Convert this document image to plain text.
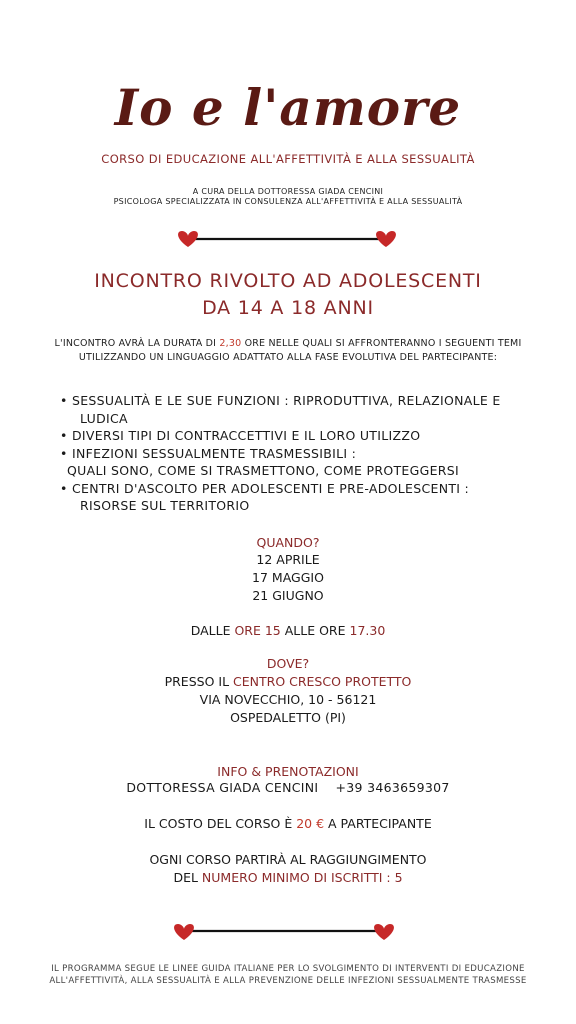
Io e l'amore
CORSO DI EDUCAZIONE ALL'AFFETTIVITÀ E ALLA SESSUALITÀ
A CURA DELLA DOTTORESSA GIADA CENCINI
PSICOLOGA SPECIALIZZATA IN CONSULENZA ALL'AFFETTIVITÀ E ALLA SESSUALITÀ
INCONTRO RIVOLTO AD ADOLESCENTI
DA 14 A 18 ANNI
L'INCONTRO AVRÀ LA DURATA DI 2,30 ORE NELLE QUALI SI AFFRONTERANNO I SEGUENTI TEMI
UTILIZZANDO UN LINGUAGGIO ADATTATO ALLA FASE EVOLUTIVA DEL PARTECIPANTE:
• SESSUALITÀ E LE SUE FUNZIONI : RIPRODUTTIVA, RELAZIONALE E
LUDICA
• DIVERSI TIPI DI CONTRACCETTIVI E IL LORO UTILIZZO
• INFEZIONI SESSUALMENTE TRASMESSIBILI :
QUALI SONO, COME SI TRASMETTONO, COME PROTEGGERSI
• CENTRI D'ASCOLTO PER ADOLESCENTI E PRE-ADOLESCENTI :
RISORSE SUL TERRITORIO
QUANDO?
12 APRILE
17 MAGGIO
21 GIUGNO
DALLE ORE 15 ALLE ORE 17.30
DOVE?
PRESSO IL CENTRO CRESCO PROTETTO
VIA NOVECCHIO, 10 - 56121
OSPEDALETTO (PI)
INFO & PRENOTAZIONI
DOTTORESSA GIADA CENCINI +39 3463659307
IL COSTO DEL CORSO È 20 € A PARTECIPANTE
OGNI CORSO PARTIRÀ AL RAGGIUNGIMENTO
DEL NUMERO MINIMO DI ISCRITTI : 5
IL PROGRAMMA SEGUE LE LINEE GUIDA ITALIANE PER LO SVOLGIMENTO DI INTERVENTI DI EDUCAZIONE
ALL'AFFETTIVITÀ, ALLA SESSUALITÀ E ALLA PREVENZIONE DELLE INFEZIONI SESSUALMENTE TRASMESSE
